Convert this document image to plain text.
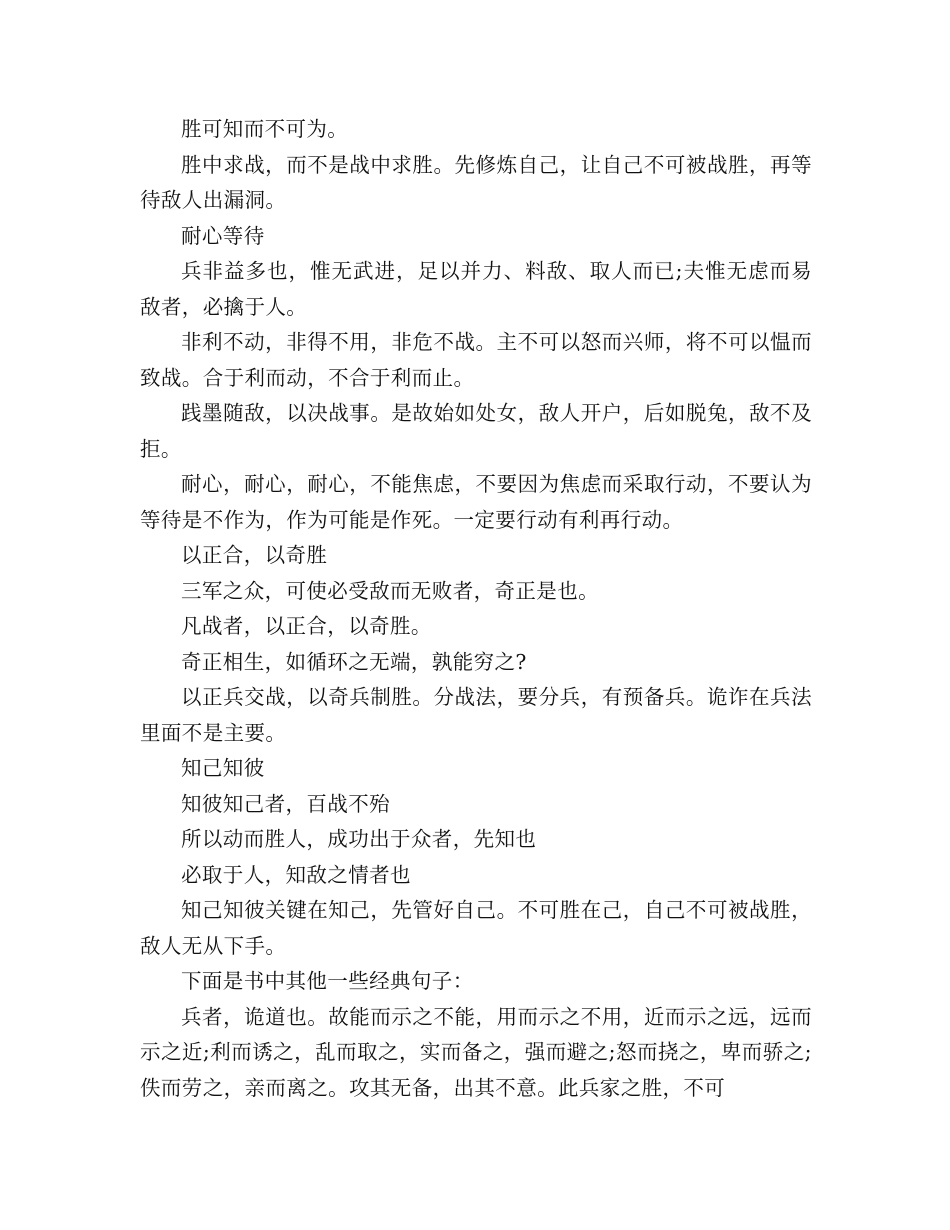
胜可知而不可为。

胜中求战，而不是战中求胜。先修炼自己，让自己不可被战胜，再等待敌人出漏洞。

耐心等待

兵非益多也，惟无武进，足以并力、料敌、取人而已;夫惟无虑而易敌者，必擒于人。

非利不动，非得不用，非危不战。主不可以怒而兴师，将不可以愠而致战。合于利而动，不合于利而止。

践墨随敌，以决战事。是故始如处女，敌人开户，后如脱兔，敌不及拒。

耐心，耐心，耐心，不能焦虑，不要因为焦虑而采取行动，不要认为等待是不作为，作为可能是作死。一定要行动有利再行动。

以正合，以奇胜

三军之众，可使必受敌而无败者，奇正是也。

凡战者，以正合，以奇胜。

奇正相生，如循环之无端，孰能穷之?

以正兵交战，以奇兵制胜。分战法，要分兵，有预备兵。诡诈在兵法里面不是主要。

知己知彼

知彼知己者，百战不殆

所以动而胜人，成功出于众者，先知也

必取于人，知敌之情者也

知己知彼关键在知己，先管好自己。不可胜在己，自己不可被战胜，敌人无从下手。

下面是书中其他一些经典句子：

兵者，诡道也。故能而示之不能，用而示之不用，近而示之远，远而示之近;利而诱之，乱而取之，实而备之，强而避之;怒而挠之，卑而骄之;佚而劳之，亲而离之。攻其无备，出其不意。此兵家之胜，不可
